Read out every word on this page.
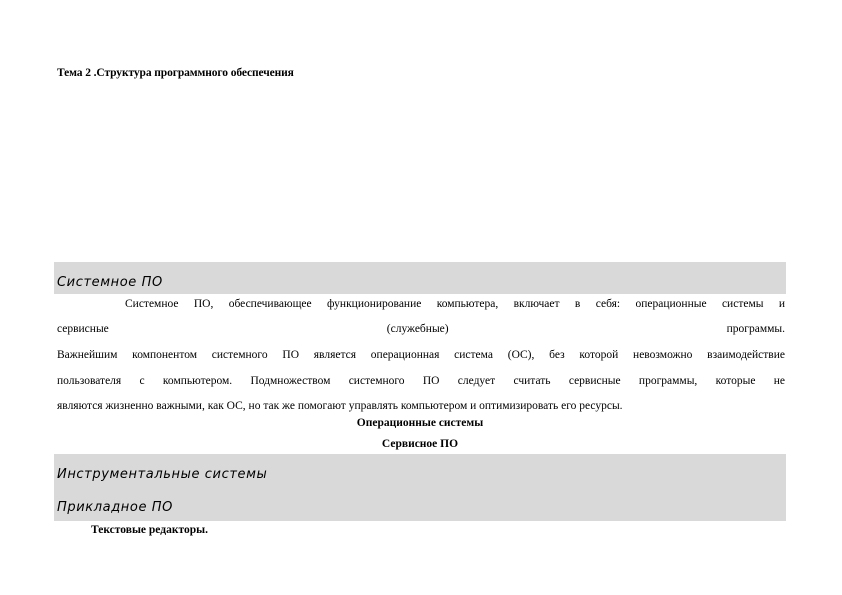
Тема 2 .Структура программного обеспечения
Системное ПО
Системное ПО, обеспечивающее функционирование компьютера, включает в себя: операционные системы и
сервисные	(служебные)	программы.
Важнейшим компонентом системного ПО является операционная система (ОС), без которой невозможно взаимодействие
пользователя с компьютером. Подмножеством системного ПО следует считать сервисные программы, которые не
являются жизненно важными, как ОС, но так же помогают управлять компьютером и оптимизировать его ресурсы.
Операционные системы
Сервисное ПО
Инструментальные системы
Прикладное ПО
Текстовые редакторы.
